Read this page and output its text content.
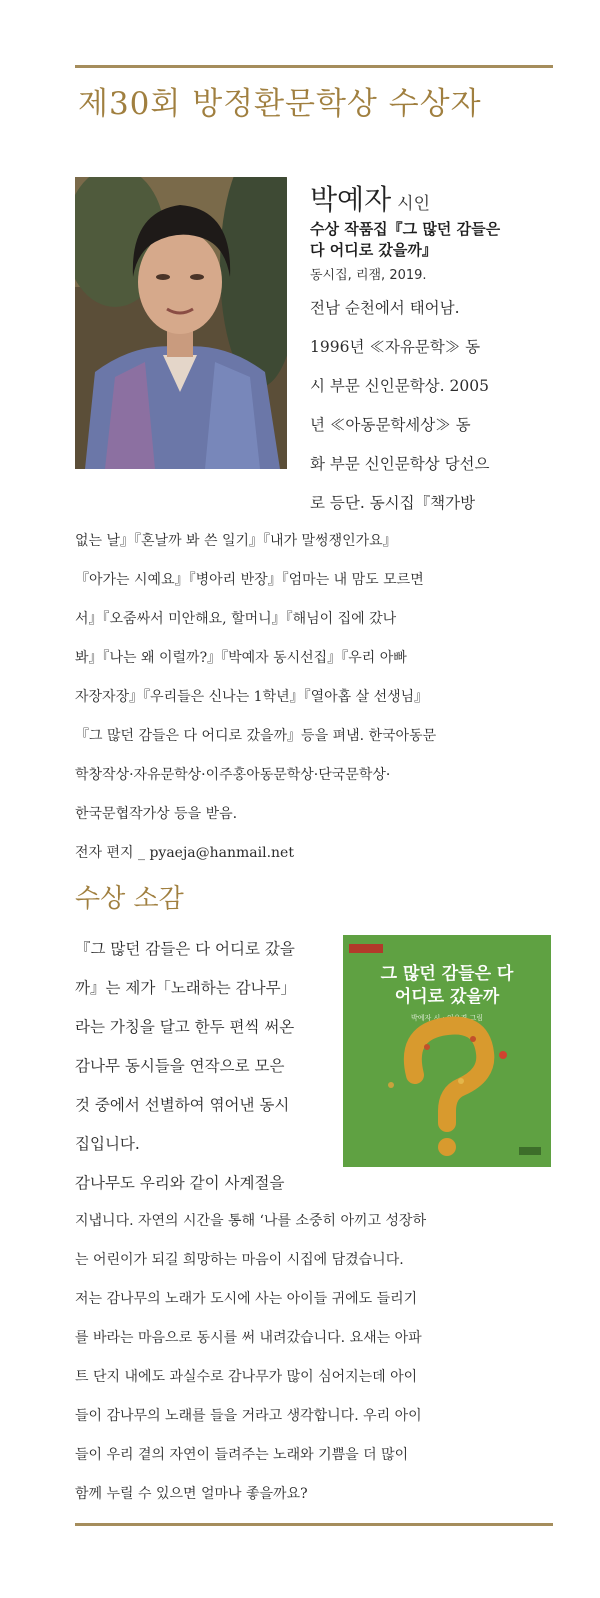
제30회 방정환문학상 수상자
박예자 시인
수상 작품집『그 많던 감들은
다 어디로 갔을까』
동시집, 리잼, 2019.
전남 순천에서 태어남.
1996년 ≪자유문학≫ 동
시 부문 신인문학상. 2005
년 ≪아동문학세상≫ 동
화 부문 신인문학상 당선으
로 등단. 동시집『책가방
없는 날』『혼날까 봐 쓴 일기』『내가 말썽쟁인가요』
『아가는 시예요』『병아리 반장』『엄마는 내 맘도 모르면
서』『오줌싸서 미안해요, 할머니』『해님이 집에 갔나
봐』『나는 왜 이럴까?』『박예자 동시선집』『우리 아빠
자장자장』『우리들은 신나는 1학년』『열아홉 살 선생님』
『그 많던 감들은 다 어디로 갔을까』등을 펴냄. 한국아동문
학창작상·자유문학상·이주홍아동문학상·단국문학상·
한국문협작가상 등을 받음.
전자 편지 _ pyaeja@hanmail.net
수상 소감
그 많던 감들은 다
어디로 갔을까
박예자 시 · 임오경 그림
『그 많던 감들은 다 어디로 갔을
까』는 제가「노래하는 감나무」
라는 가칭을 달고 한두 편씩 써온
감나무 동시들을 연작으로 모은
것 중에서 선별하여 엮어낸 동시
집입니다.
감나무도 우리와 같이 사계절을
지냅니다. 자연의 시간을 통해 ‘나를 소중히 아끼고 성장하
는 어린이가 되길 희망하는 마음이 시집에 담겼습니다.
저는 감나무의 노래가 도시에 사는 아이들 귀에도 들리기
를 바라는 마음으로 동시를 써 내려갔습니다. 요새는 아파
트 단지 내에도 과실수로 감나무가 많이 심어지는데 아이
들이 감나무의 노래를 들을 거라고 생각합니다. 우리 아이
들이 우리 곁의 자연이 들려주는 노래와 기쁨을 더 많이
함께 누릴 수 있으면 얼마나 좋을까요?
